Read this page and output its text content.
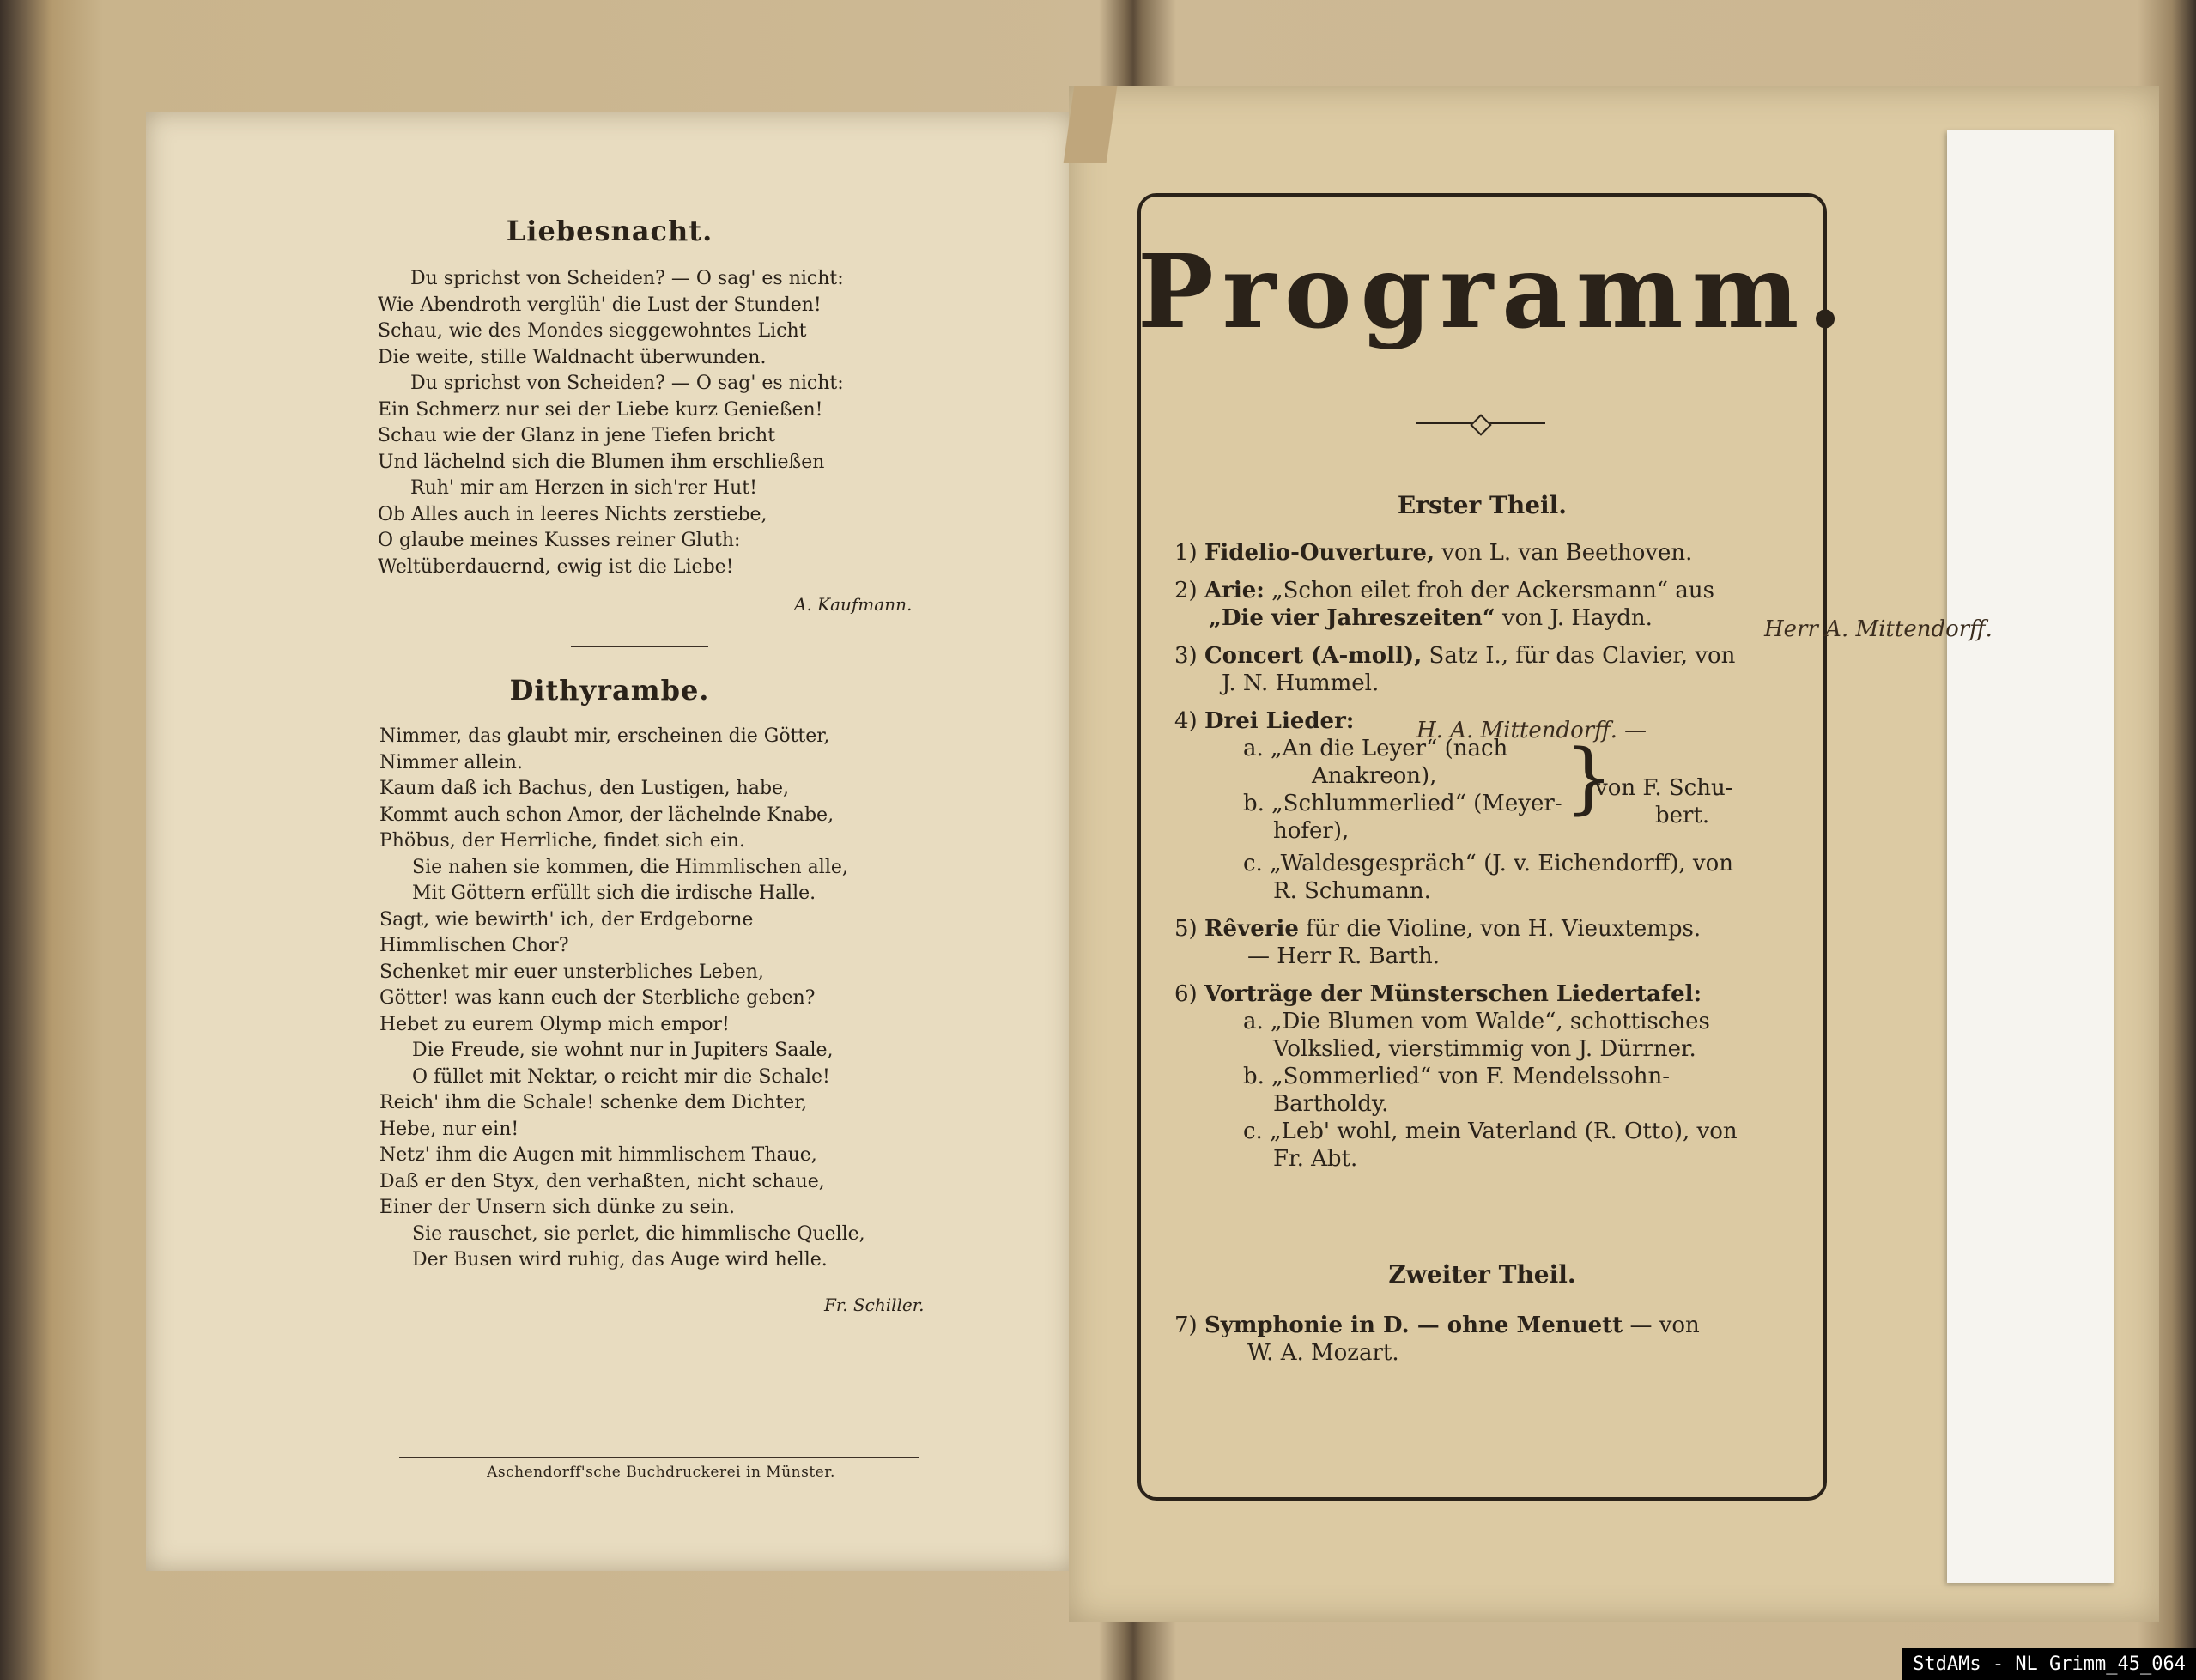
Liebesnacht.
Du sprichst von Scheiden? — O sag' es nicht:
Wie Abendroth verglüh' die Lust der Stunden!
Schau, wie des Mondes sieggewohntes Licht
Die weite, stille Waldnacht überwunden.
Du sprichst von Scheiden? — O sag' es nicht:
Ein Schmerz nur sei der Liebe kurz Genießen!
Schau wie der Glanz in jene Tiefen bricht
Und lächelnd sich die Blumen ihm erschließen
Ruh' mir am Herzen in sich'rer Hut!
Ob Alles auch in leeres Nichts zerstiebe,
O glaube meines Kusses reiner Gluth:
Weltüberdauernd, ewig ist die Liebe!
A. Kaufmann.
Dithyrambe.
Nimmer, das glaubt mir, erscheinen die Götter,
Nimmer allein.
Kaum daß ich Bachus, den Lustigen, habe,
Kommt auch schon Amor, der lächelnde Knabe,
Phöbus, der Herrliche, findet sich ein.
Sie nahen sie kommen, die Himmlischen alle,
Mit Göttern erfüllt sich die irdische Halle.
Sagt, wie bewirth' ich, der Erdgeborne
Himmlischen Chor?
Schenket mir euer unsterbliches Leben,
Götter! was kann euch der Sterbliche geben?
Hebet zu eurem Olymp mich empor!
Die Freude, sie wohnt nur in Jupiters Saale,
O füllet mit Nektar, o reicht mir die Schale!
Reich' ihm die Schale! schenke dem Dichter,
Hebe, nur ein!
Netz' ihm die Augen mit himmlischem Thaue,
Daß er den Styx, den verhaßten, nicht schaue,
Einer der Unsern sich dünke zu sein.
Sie rauschet, sie perlet, die himmlische Quelle,
Der Busen wird ruhig, das Auge wird helle.
Fr. Schiller.
Aschendorff'sche Buchdruckerei in Münster.
Programm.
Erster Theil.
1) Fidelio-Ouverture, von L. van Beethoven.
2) Arie: „Schon eilet froh der Ackersmann“ aus
„Die vier Jahreszeiten“ von J. Haydn.
3) Concert (A-moll), Satz I., für das Clavier, von
J. N. Hummel.
4) Drei Lieder:
a. „An die Leyer“ (nach
Anakreon),
b. „Schlummerlied“ (Meyer-
hofer),
c. „Waldesgespräch“ (J. v. Eichendorff), von
R. Schumann.
5) Rêverie für die Violine, von H. Vieuxtemps.
— Herr R. Barth.
6) Vorträge der Münsterschen Liedertafel:
a. „Die Blumen vom Walde“, schottisches
Volkslied, vierstimmig von J. Dürrner.
b. „Sommerlied“ von F. Mendelssohn-
Bartholdy.
c. „Leb' wohl, mein Vaterland (R. Otto), von
Fr. Abt.
}
von F. Schu-
bert.
Zweiter Theil.
7) Symphonie in D. — ohne Menuett — von
W. A. Mozart.
Herr A. Mittendorff.
H. A. Mittendorff. —
StdAMs - NL Grimm_45_064
